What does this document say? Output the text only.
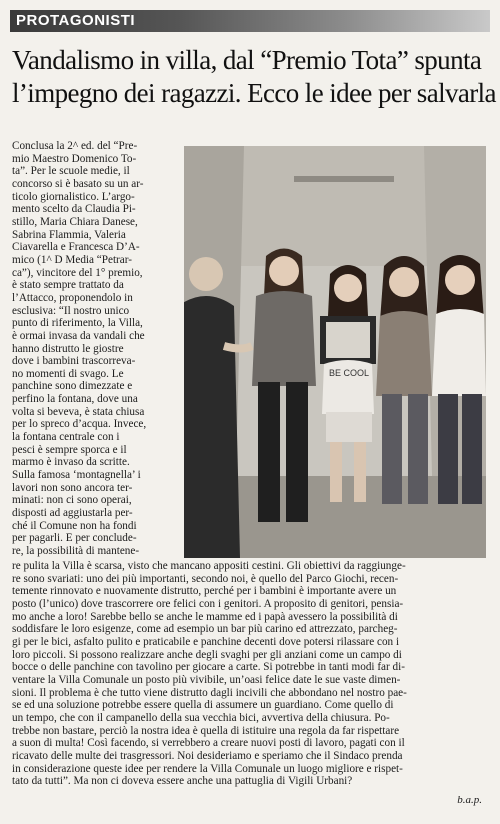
PROTAGONISTI
Vandalismo in villa, dal “Premio Tota” spunta
l’impegno dei ragazzi. Ecco le idee per salvarla
Conclusa la 2^ ed. del “Pre-
mio Maestro Domenico To-
ta”. Per le scuole medie, il
concorso si è basato su un ar-
ticolo giornalistico. L’argo-
mento scelto da Claudia Pi-
stillo, Maria Chiara Danese,
Sabrina Flammia, Valeria
Ciavarella e Francesca D’A-
mico (1^ D Media “Petrar-
ca”), vincitore del 1° premio,
è stato sempre trattato da
l’Attacco, proponendolo in
esclusiva: “Il nostro unico
punto di riferimento, la Villa,
è ormai invasa da vandali che
hanno distrutto le giostre
dove i bambini trascorreva-
no momenti di svago. Le
panchine sono dimezzate e
perfino la fontana, dove una
volta si beveva, è stata chiusa
per lo spreco d’acqua. Invece,
la fontana centrale con i
pesci è sempre sporca e il
marmo è invaso da scritte.
Sulla famosa ‘montagnella’ i
lavori non sono ancora ter-
minati: non ci sono operai,
disposti ad aggiustarla per-
ché il Comune non ha fondi
per pagarli. E per conclude-
re, la possibilità di mantene-
BE COOL
re pulita la Villa è scarsa, visto che mancano appositi cestini. Gli obiettivi da raggiunge-
re sono svariati: uno dei più importanti, secondo noi, è quello del Parco Giochi, recen-
temente rinnovato e nuovamente distrutto, perché per i bambini è importante avere un
posto (l’unico) dove trascorrere ore felici con i genitori. A proposito di genitori, pensia-
mo anche a loro! Sarebbe bello se anche le mamme ed i papà avessero la possibilità di
soddisfare le loro esigenze, come ad esempio un bar più carino ed attrezzato, parcheg-
gi per le bici, asfalto pulito e praticabile e panchine decenti dove potersi rilassare con i
loro piccoli. Si possono realizzare anche degli svaghi per gli anziani come un campo di
bocce o delle panchine con tavolino per giocare a carte. Si potrebbe in tanti modi far di-
ventare la Villa Comunale un posto più vivibile, un’oasi felice date le sue vaste dimen-
sioni. Il problema è che tutto viene distrutto dagli incivili che abbondano nel nostro pae-
se ed una soluzione potrebbe essere quella di assumere un guardiano. Come quello di
un tempo, che con il campanello della sua vecchia bici, avvertiva della chiusura. Po-
trebbe non bastare, perciò la nostra idea è quella di istituire una regola da far rispettare
a suon di multa! Così facendo, si verrebbero a creare nuovi posti di lavoro, pagati con il
ricavato delle multe dei trasgressori. Noi desideriamo e speriamo che il Sindaco prenda
in considerazione queste idee per rendere la Villa Comunale un luogo migliore e rispet-
tato da tutti”. Ma non ci doveva essere anche una pattuglia di Vigili Urbani?
b.a.p.
